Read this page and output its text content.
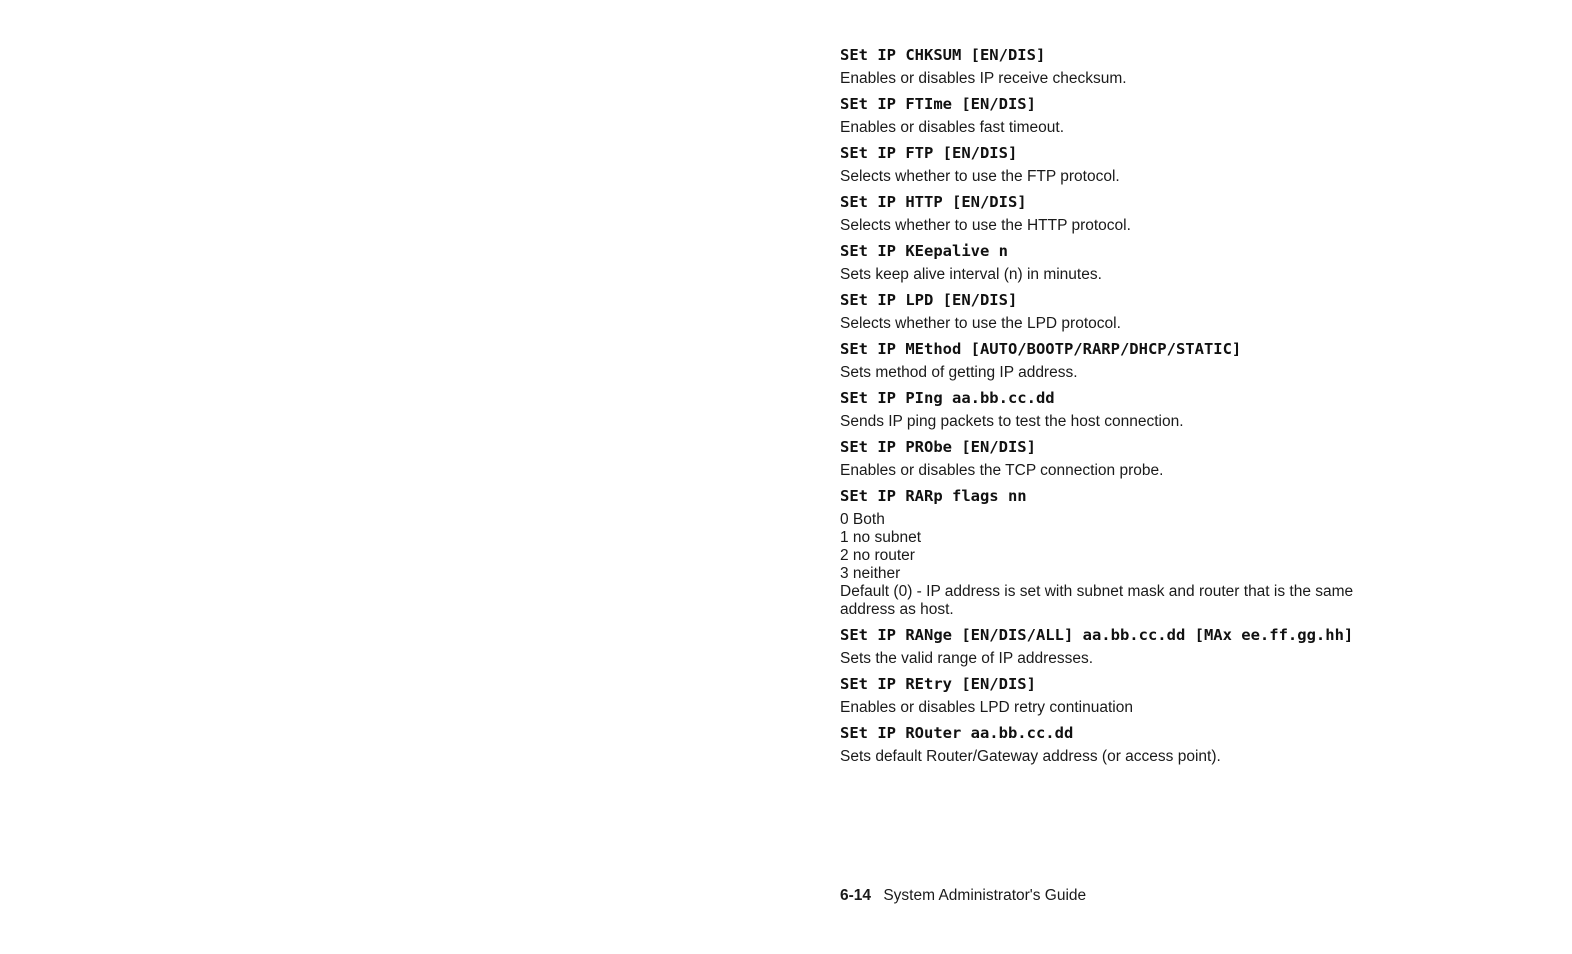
SEt IP CHKSUM [EN/DIS]

Enables or disables IP receive checksum.

SEt IP FTIme [EN/DIS]

Enables or disables fast timeout.

SEt IP FTP [EN/DIS]

Selects whether to use the FTP protocol.

SEt IP HTTP [EN/DIS]

Selects whether to use the HTTP protocol.

SEt IP KEepalive n

Sets keep alive interval (n) in minutes.

SEt IP LPD [EN/DIS]

Selects whether to use the LPD protocol.

SEt IP MEthod [AUTO/BOOTP/RARP/DHCP/STATIC]

Sets method of getting IP address.

SEt IP PIng aa.bb.cc.dd

Sends IP ping packets to test the host connection.

SEt IP PRObe [EN/DIS]

Enables or disables the TCP connection probe.

SEt IP RARp flags nn
0 Both
1 no subnet
2 no router
3 neither
Default (0) - IP address is set with subnet mask and router that is the same
address as host.
SEt IP RANge [EN/DIS/ALL] aa.bb.cc.dd [MAx ee.ff.gg.hh]

Sets the valid range of IP addresses.

SEt IP REtry [EN/DIS]

Enables or disables LPD retry continuation

SEt IP ROuter aa.bb.cc.dd

Sets default Router/Gateway address (or access point).

6-14 System Administrator's Guide
